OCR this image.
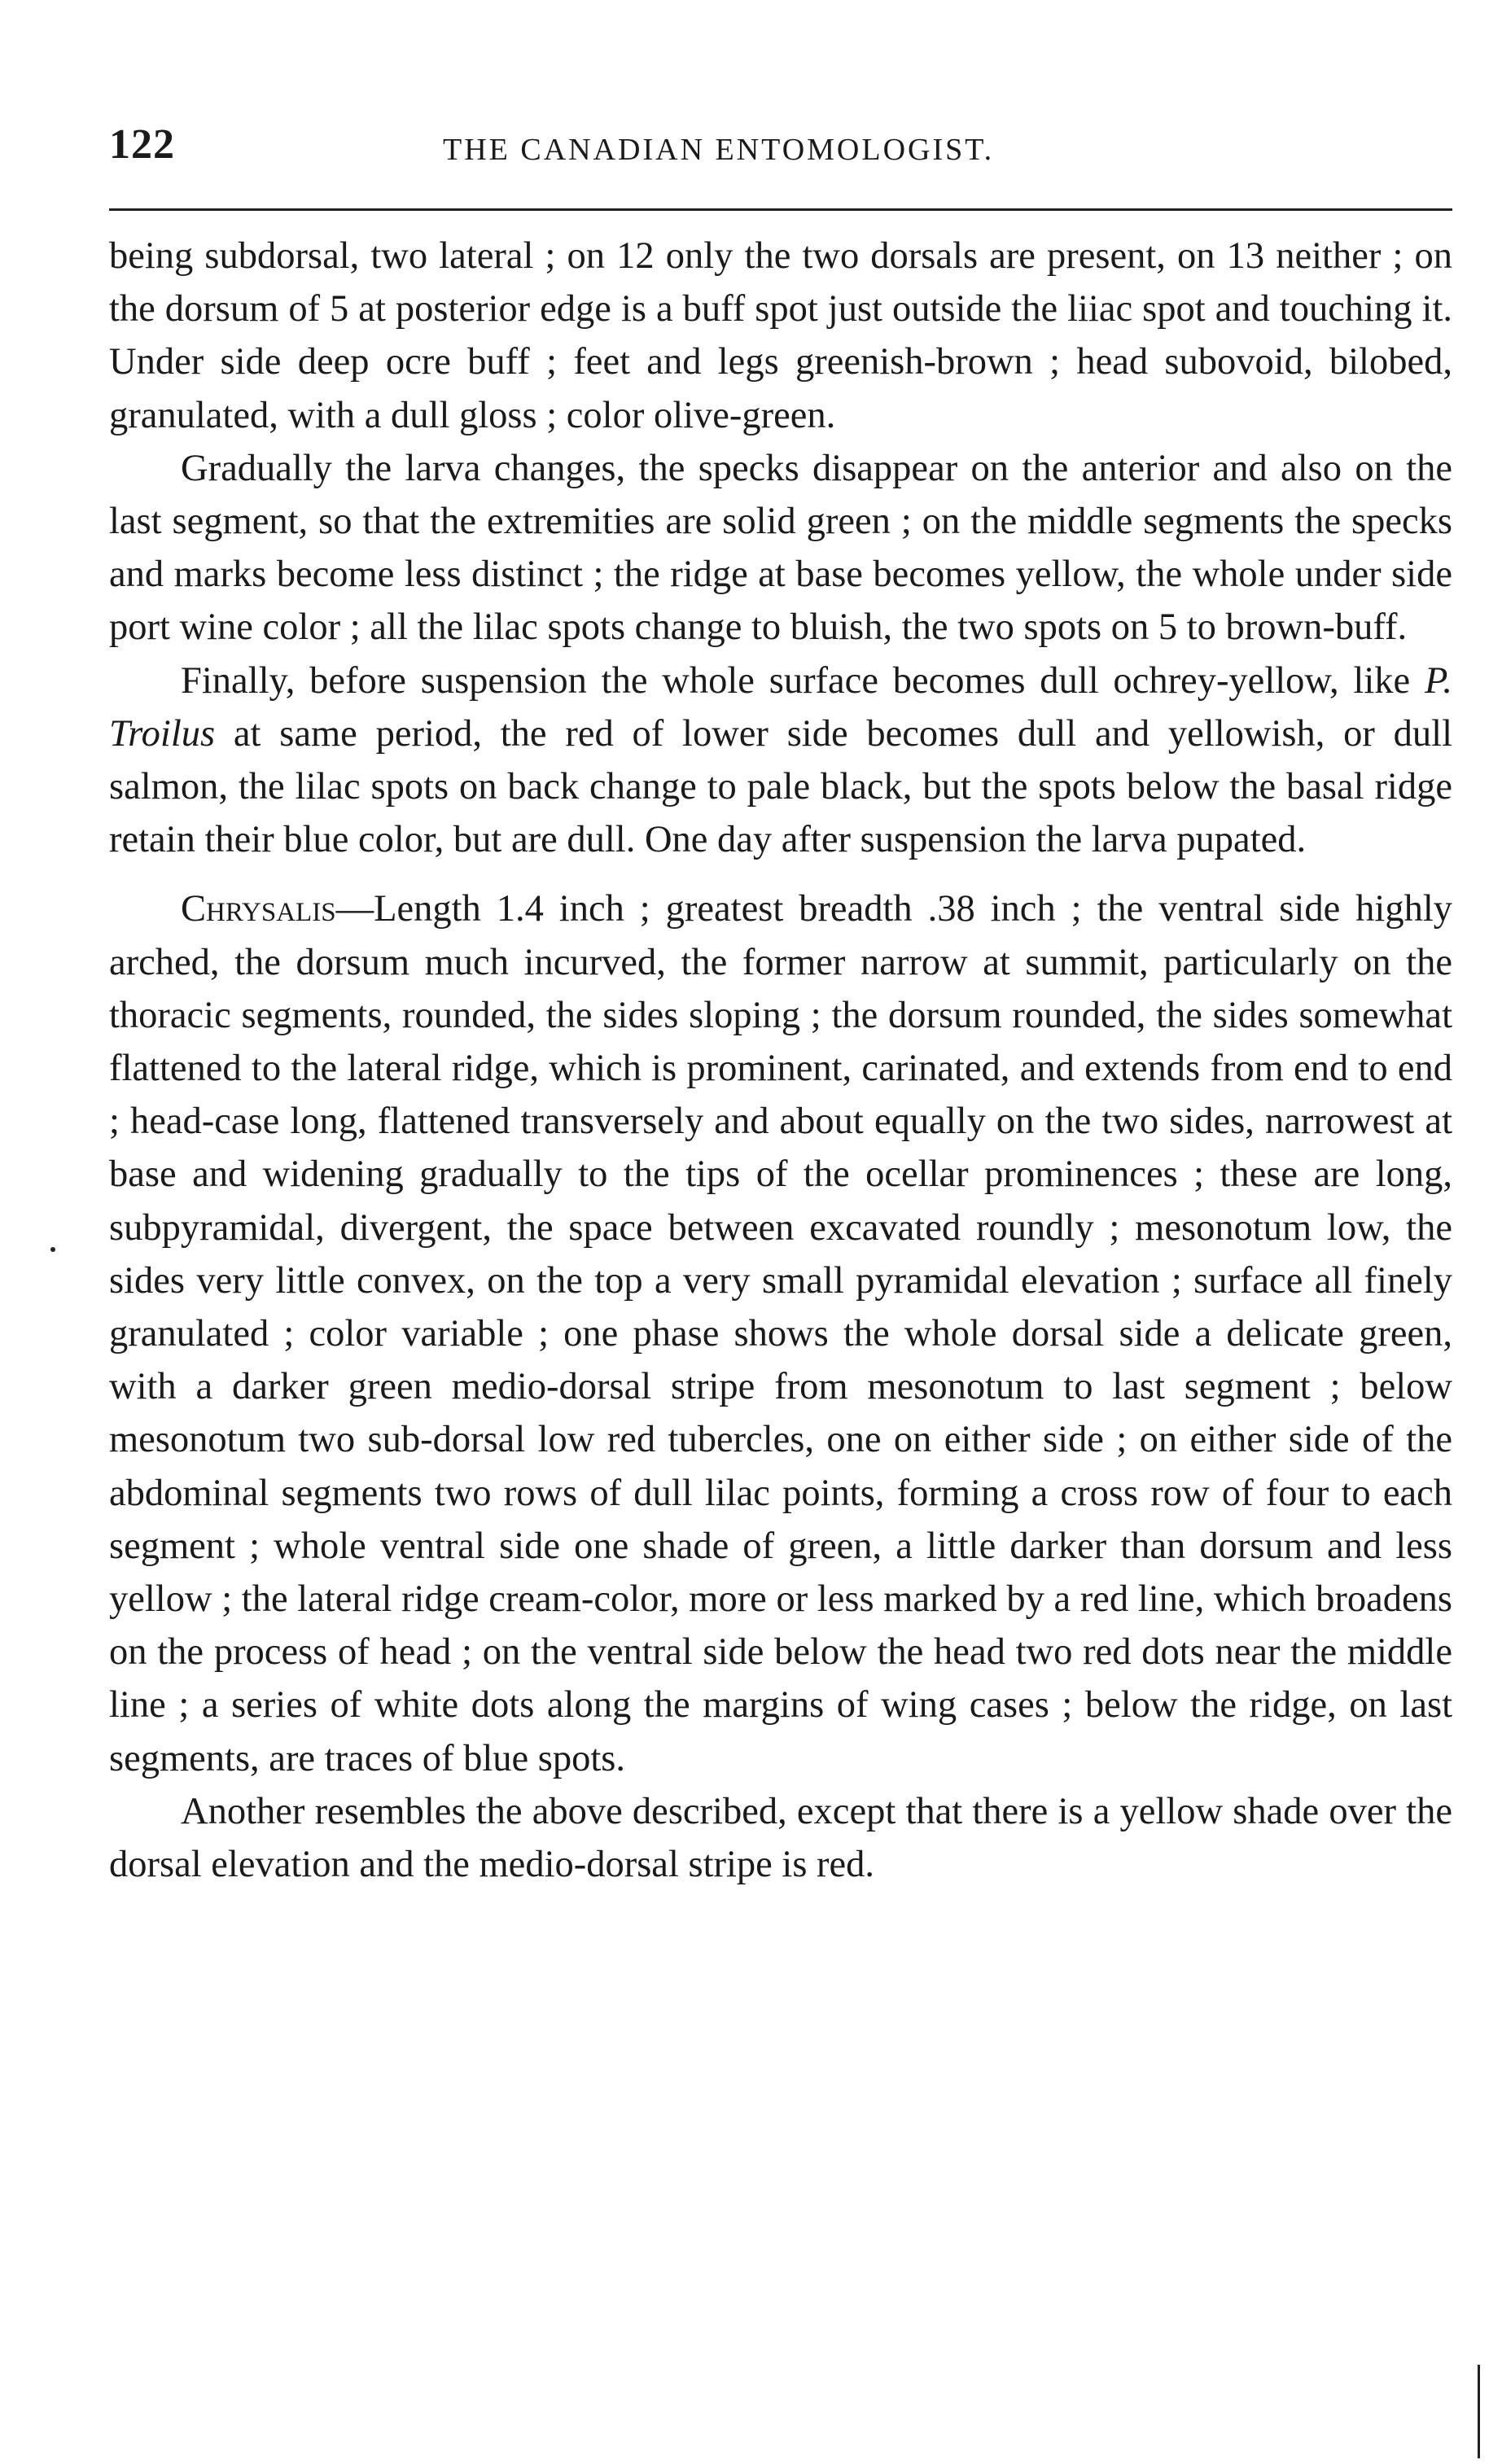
122	THE CANADIAN ENTOMOLOGIST.

being subdorsal, two lateral ; on 12 only the two dorsals are present, on 13 neither ; on the dorsum of 5 at posterior edge is a buff spot just outside the liiac spot and touching it. Under side deep ocre buff ; feet and legs greenish-brown ; head subovoid, bilobed, granulated, with a dull gloss ; color olive-green.

Gradually the larva changes, the specks disappear on the anterior and also on the last segment, so that the extremities are solid green ; on the middle segments the specks and marks become less distinct ; the ridge at base becomes yellow, the whole under side port wine color ; all the lilac spots change to bluish, the two spots on 5 to brown-buff.

Finally, before suspension the whole surface becomes dull ochrey-yellow, like P. Troilus at same period, the red of lower side becomes dull and yellowish, or dull salmon, the lilac spots on back change to pale black, but the spots below the basal ridge retain their blue color, but are dull. One day after suspension the larva pupated.

Chrysalis—Length 1.4 inch ; greatest breadth .38 inch ; the ventral side highly arched, the dorsum much incurved, the former narrow at summit, particularly on the thoracic segments, rounded, the sides sloping ; the dorsum rounded, the sides somewhat flattened to the lateral ridge, which is prominent, carinated, and extends from end to end ; head-case long, flattened transversely and about equally on the two sides, narrowest at base and widening gradually to the tips of the ocellar prominences ; these are long, subpyramidal, divergent, the space between excavated roundly ; mesonotum low, the sides very little convex, on the top a very small pyramidal elevation ; surface all finely granulated ; color variable ; one phase shows the whole dorsal side a delicate green, with a darker green medio-dorsal stripe from mesonotum to last segment ; below mesonotum two sub-dorsal low red tubercles, one on either side ; on either side of the abdominal segments two rows of dull lilac points, forming a cross row of four to each segment ; whole ventral side one shade of green, a little darker than dorsum and less yellow ; the lateral ridge cream-color, more or less marked by a red line, which broadens on the process of head ; on the ventral side below the head two red dots near the middle line ; a series of white dots along the margins of wing cases ; below the ridge, on last segments, are traces of blue spots.

Another resembles the above described, except that there is a yellow shade over the dorsal elevation and the medio-dorsal stripe is red.
